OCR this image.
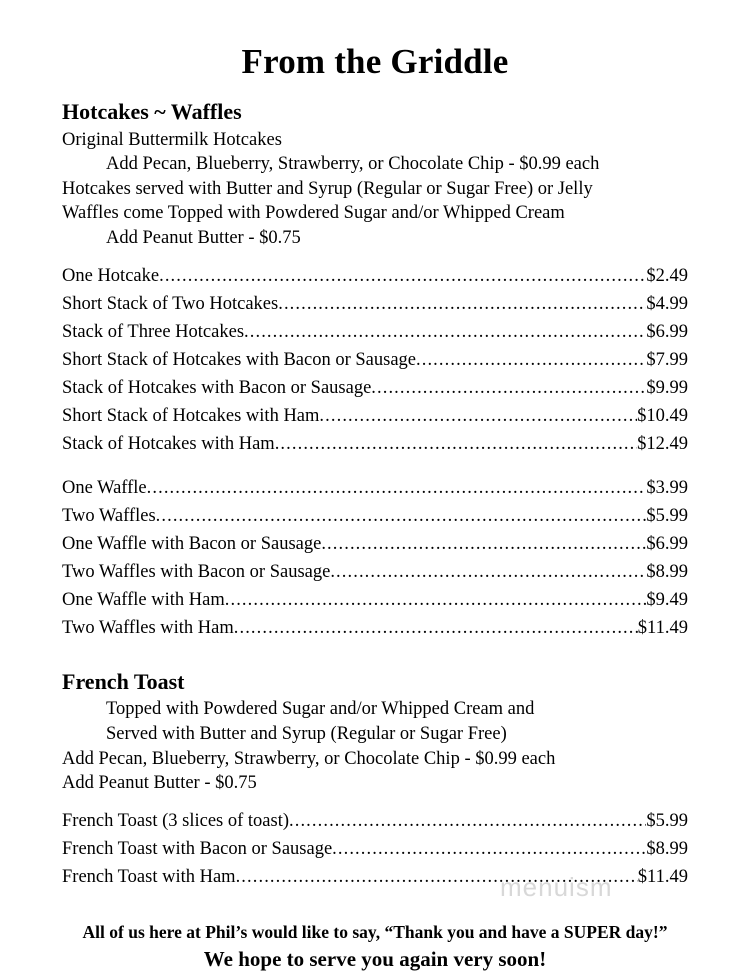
menuism
From the Griddle
Hotcakes ~ Waffles

Original Buttermilk Hotcakes

Add Pecan, Blueberry, Strawberry, or Chocolate Chip - $0.99 each

Hotcakes served with Butter and Syrup (Regular or Sugar Free) or Jelly

Waffles come Topped with Powdered Sugar and/or Whipped Cream

Add Peanut Butter - $0.75

One Hotcake .....	$2.49
Short Stack of Two Hotcakes .....	$4.99
Stack of Three Hotcakes .....	$6.99
Short Stack of Hotcakes with Bacon or Sausage .....	$7.99
Stack of Hotcakes with Bacon or Sausage .....	$9.99
Short Stack of Hotcakes with Ham .....	$10.49
Stack of Hotcakes with Ham .....	$12.49
One Waffle .....	$3.99
Two Waffles .....	$5.99
One Waffle with Bacon or Sausage .....	$6.99
Two Waffles with Bacon or Sausage .....	$8.99
One Waffle with Ham .....	$9.49
Two Waffles with Ham .....	$11.49
French Toast

Topped with Powdered Sugar and/or Whipped Cream and

Served with Butter and Syrup (Regular or Sugar Free)

Add Pecan, Blueberry, Strawberry, or Chocolate Chip - $0.99 each

Add Peanut Butter - $0.75

French Toast (3 slices of toast) .....	$5.99
French Toast with Bacon or Sausage .....	$8.99
French Toast with Ham .....	$11.49

All of us here at Phil’s would like to say, “Thank you and have a SUPER day!”

We hope to serve you again very soon!
